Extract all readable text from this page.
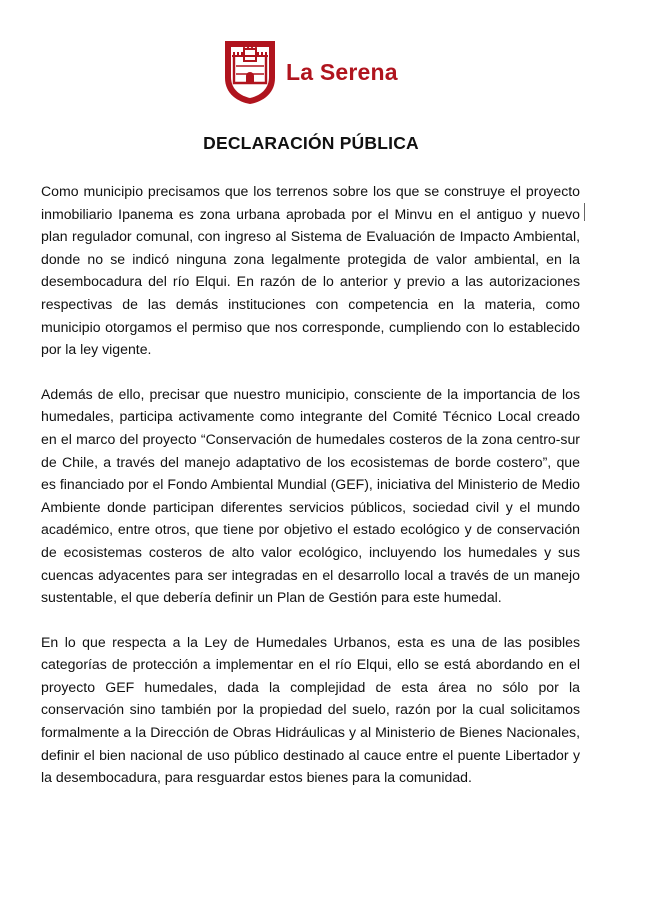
La Serena
DECLARACIÓN PÚBLICA

Como municipio precisamos que los terrenos sobre los que se construye el proyecto inmobiliario Ipanema es zona urbana aprobada por el Minvu en el antiguo y nuevo plan regulador comunal, con ingreso al Sistema de Evaluación de Impacto Ambiental, donde no se indicó ninguna zona legalmente protegida de valor ambiental, en la desembocadura del río Elqui. En razón de lo anterior y previo a las autorizaciones respectivas de las demás instituciones con competencia en la materia, como municipio otorgamos el permiso que nos corresponde, cumpliendo con lo establecido por la ley vigente.

Además de ello, precisar que nuestro municipio, consciente de la importancia de los humedales, participa activamente como integrante del Comité Técnico Local creado en el marco del proyecto “Conservación de humedales costeros de la zona centro-sur de Chile, a través del manejo adaptativo de los ecosistemas de borde costero”, que es financiado por el Fondo Ambiental Mundial (GEF), iniciativa del Ministerio de Medio Ambiente donde participan diferentes servicios públicos, sociedad civil y el mundo académico, entre otros, que tiene por objetivo el estado ecológico y de conservación de ecosistemas costeros de alto valor ecológico, incluyendo los humedales y sus cuencas adyacentes para ser integradas en el desarrollo local a través de un manejo sustentable, el que debería definir un Plan de Gestión para este humedal.

En lo que respecta a la Ley de Humedales Urbanos, esta es una de las posibles categorías de protección a implementar en el río Elqui, ello se está abordando en el proyecto GEF humedales, dada la complejidad de esta área no sólo por la conservación sino también por la propiedad del suelo, razón por la cual solicitamos formalmente a la Dirección de Obras Hidráulicas y al Ministerio de Bienes Nacionales, definir el bien nacional de uso público destinado al cauce entre el puente Libertador y la desembocadura, para resguardar estos bienes para la comunidad.
